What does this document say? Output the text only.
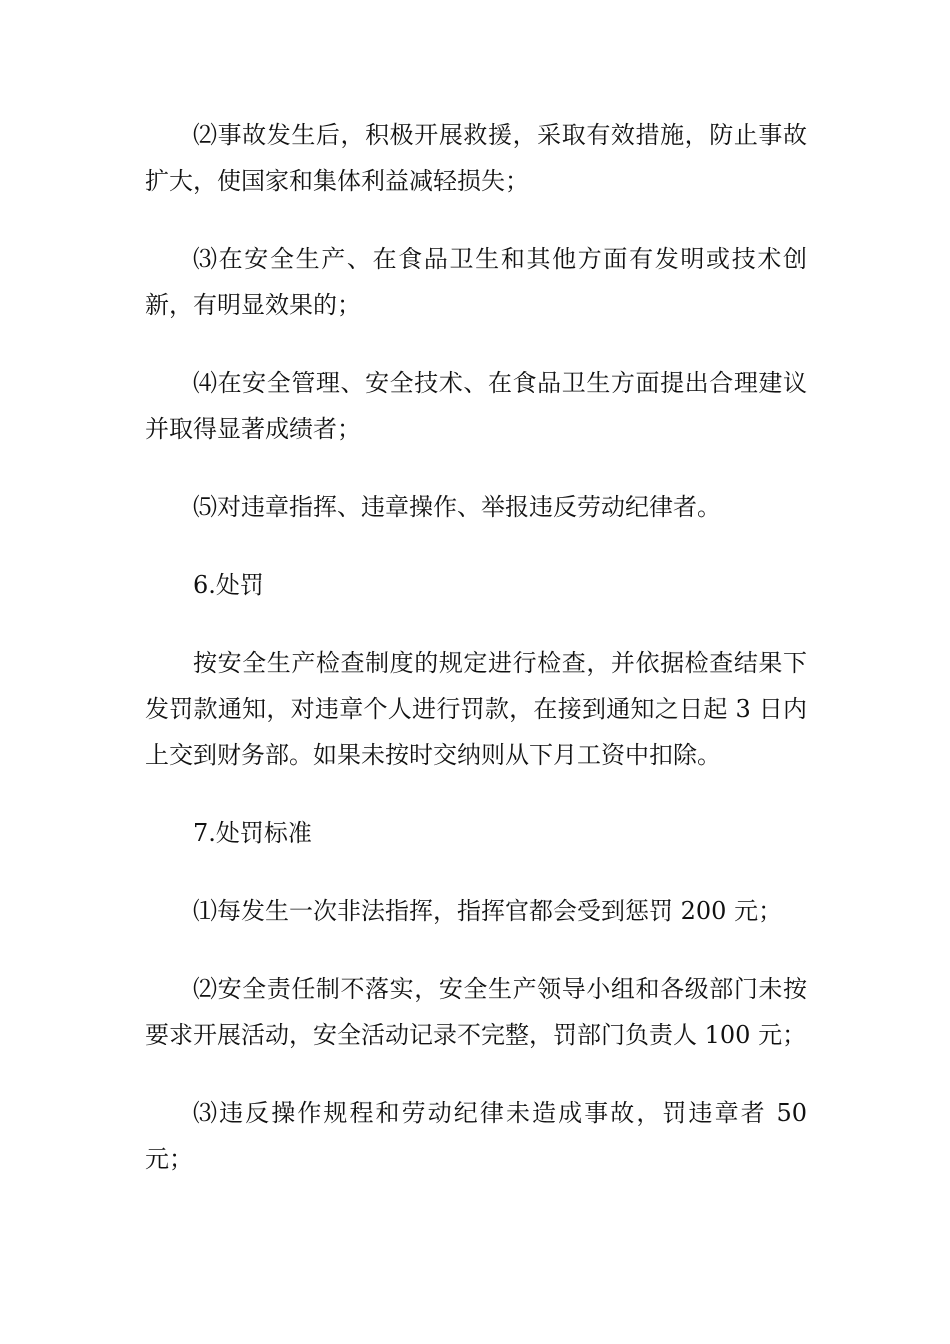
⑵事故发生后，积极开展救援，采取有效措施，防止事故扩大，使国家和集体利益减轻损失；

⑶在安全生产、在食品卫生和其他方面有发明或技术创新，有明显效果的；

⑷在安全管理、安全技术、在食品卫生方面提出合理建议并取得显著成绩者；

⑸对违章指挥、违章操作、举报违反劳动纪律者。

6.处罚

按安全生产检查制度的规定进行检查，并依据检查结果下发罚款通知，对违章个人进行罚款，在接到通知之日起 3 日内上交到财务部。如果未按时交纳则从下月工资中扣除。

7.处罚标准

⑴每发生一次非法指挥，指挥官都会受到惩罚 200 元；

⑵安全责任制不落实，安全生产领导小组和各级部门未按要求开展活动，安全活动记录不完整，罚部门负责人 100 元；

⑶违反操作规程和劳动纪律未造成事故，罚违章者 50 元；
